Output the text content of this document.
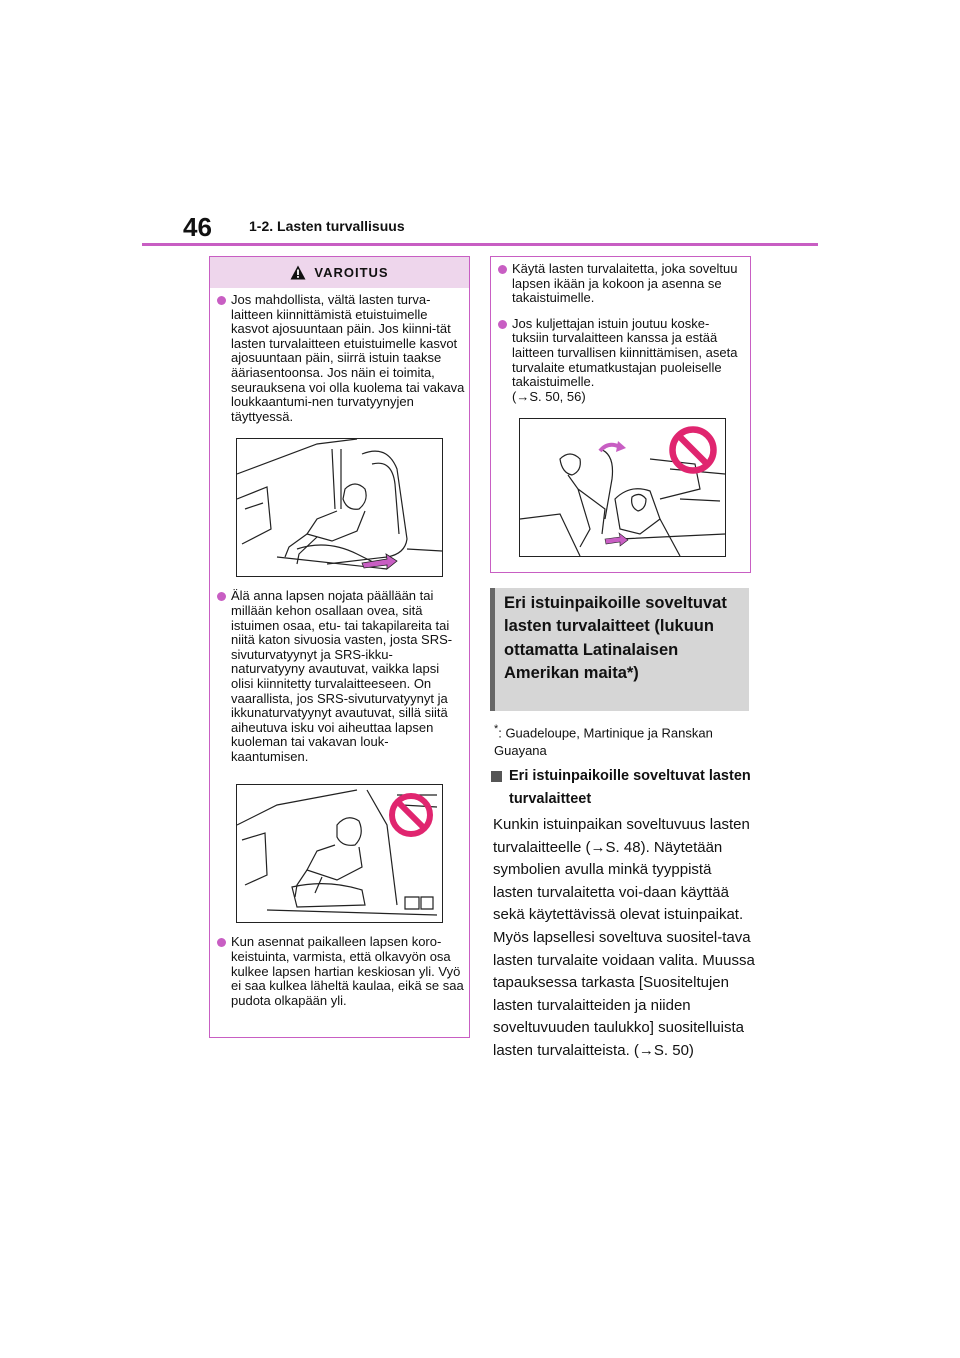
46	1-2. Lasten turvallisuus
VAROITUS
Jos mahdollista, vältä lasten turva-laitteen kiinnittämistä etuistuimelle kasvot ajosuuntaan päin. Jos kiinni-tät lasten turvalaitteen etuistuimelle kasvot ajosuuntaan päin, siirrä istuin taakse ääriasentoonsa. Jos näin ei toimita, seurauksena voi olla kuolema tai vakava loukkaantumi-nen turvatyynyjen täyttyessä.
Älä anna lapsen nojata päällään tai millään kehon osallaan ovea, sitä istuimen osaa, etu- tai takapilareita tai niitä katon sivuosia vasten, josta SRS-sivuturvatyynyt ja SRS-ikku-naturvatyyny avautuvat, vaikka lapsi olisi kiinnitetty turvalaitteeseen. On vaarallista, jos SRS-sivuturvatyynyt ja ikkunaturvatyynyt avautuvat, sillä siitä aiheutuva isku voi aiheuttaa lapsen kuoleman tai vakavan louk-kaantumisen.
Kun asennat paikalleen lapsen koro-keistuinta, varmista, että olkavyön osa kulkee lapsen hartian keskiosan yli. Vyö ei saa kulkea läheltä kaulaa, eikä se saa pudota olkapään yli.
Käytä lasten turvalaitetta, joka soveltuu lapsen ikään ja kokoon ja asenna se takaistuimelle.
Jos kuljettajan istuin joutuu koske-tuksiin turvalaitteen kanssa ja estää laitteen turvallisen kiinnittämisen, aseta turvalaite etumatkustajan puoleiselle takaistuimelle.
(→S. 50, 56)
Eri istuinpaikoille soveltuvat lasten turvalaitteet (lukuun ottamatta Latinalaisen Amerikan maita*)
*: Guadeloupe, Martinique ja Ranskan Guayana
Eri istuinpaikoille soveltuvat lasten turvalaitteet
Kunkin istuinpaikan soveltuvuus lasten turvalaitteelle (→S. 48). Näytetään symbolien avulla minkä tyyppistä lasten turvalaitetta voi-daan käyttää sekä käytettävissä olevat istuinpaikat.
Myös lapsellesi soveltuva suositel-tava lasten turvalaite voidaan valita. Muussa tapauksessa tarkasta [Suositeltujen lasten turvalaitteiden ja niiden soveltuvuuden taulukko] suositelluista lasten turvalaitteista. (→S. 50)
